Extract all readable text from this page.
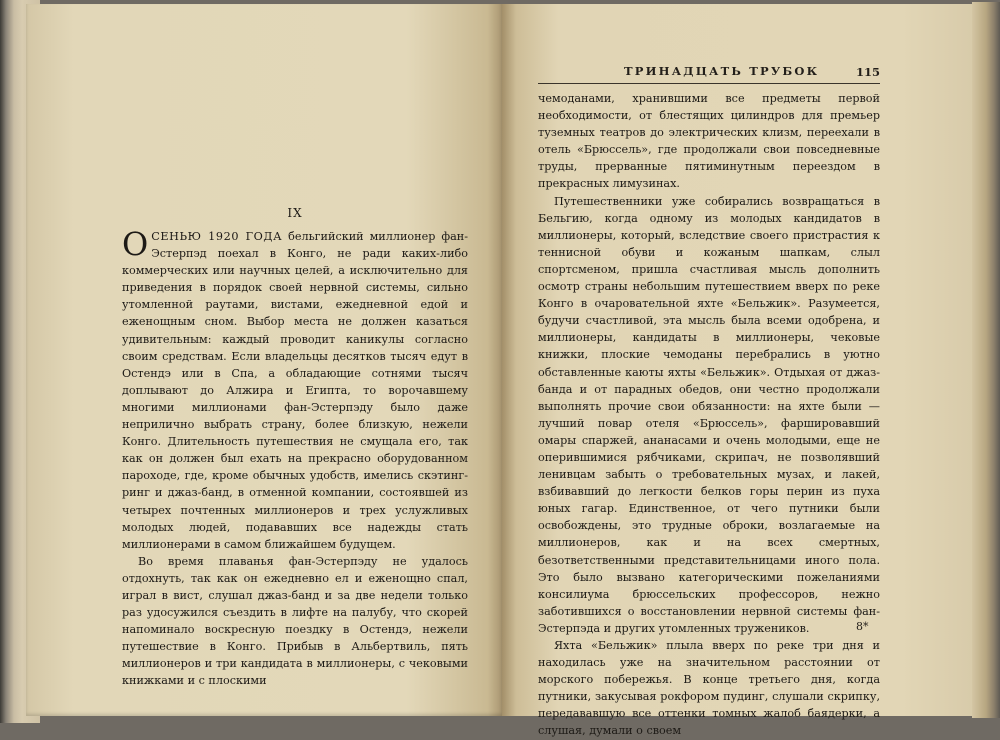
IX

ОСЕНЬЮ 1920 ГОДА бельгийский миллионер фан-Эстерпэд поехал в Конго, не ради каких-либо коммерческих или научных целей, а исключительно для приведения в порядок своей нервной системы, сильно утомленной раутами, вистами, ежедневной едой и еженощным сном. Выбор места не должен казаться удивительным: каждый проводит каникулы согласно своим средствам. Если владельцы десятков тысяч едут в Остендэ или в Спа, а обладающие сотнями тысяч доплывают до Алжира и Египта, то ворочавшему многими миллионами фан-Эстерпэду было даже неприлично выбрать страну, более близкую, нежели Конго. Длительность путешествия не смущала его, так как он должен был ехать на прекрасно оборудованном пароходе, где, кроме обычных удобств, имелись скэтинг-ринг и джаз-банд, в отменной компании, состоявшей из четырех почтенных миллионеров и трех услужливых молодых людей, подававших все надежды стать миллионерами в самом ближайшем будущем.

Во время плаванья фан-Эстерпэду не удалось отдохнуть, так как он ежедневно ел и еженощно спал, играл в вист, слушал джаз-банд и за две недели только раз удосужился съездить в лифте на палубу, что скорей напоминало воскресную поездку в Остендэ, нежели путешествие в Конго. Прибыв в Альбертвиль, пять миллионеров и три кандидата в миллионеры, с чековыми книжками и с плоскими

ТРИНАДЦАТЬ ТРУБОК	115

чемоданами, хранившими все предметы первой необходимости, от блестящих цилиндров для премьер туземных театров до электрических клизм, переехали в отель «Брюссель», где продолжали свои повседневные труды, прерванные пятиминутным переездом в прекрасных лимузинах.

Путешественники уже собирались возвращаться в Бельгию, когда одному из молодых кандидатов в миллионеры, который, вследствие своего пристрастия к теннисной обуви и кожаным шапкам, слыл спортсменом, пришла счастливая мысль дополнить осмотр страны небольшим путешествием вверх по реке Конго в очаровательной яхте «Бельжик». Разумеется, будучи счастливой, эта мысль была всеми одобрена, и миллионеры, кандидаты в миллионеры, чековые книжки, плоские чемоданы перебрались в уютно обставленные каюты яхты «Бельжик». Отдыхая от джаз-банда и от парадных обедов, они честно продолжали выполнять прочие свои обязанности: на яхте были — лучший повар отеля «Брюссель», фаршировавший омары спаржей, ананасами и очень молодыми, еще не оперившимися рябчиками, скрипач, не позволявший ленивцам забыть о требовательных музах, и лакей, взбивавший до легкости белков горы перин из пуха юных гагар. Единственное, от чего путники были освобождены, это трудные оброки, возлагаемые на миллионеров, как и на всех смертных, безответственными представительницами иного пола. Это было вызвано категорическими пожеланиями консилиума брюссельских профессоров, нежно заботившихся о восстановлении нервной системы фан-Эстерпэда и других утомленных тружеников.

Яхта «Бельжик» плыла вверх по реке три дня и находилась уже на значительном расстоянии от морского побережья. В конце третьего дня, когда путники, закусывая рокфором пудинг, слушали скрипку, передававшую все оттенки томных жалоб баядерки, а слушая, думали о своем

8*
